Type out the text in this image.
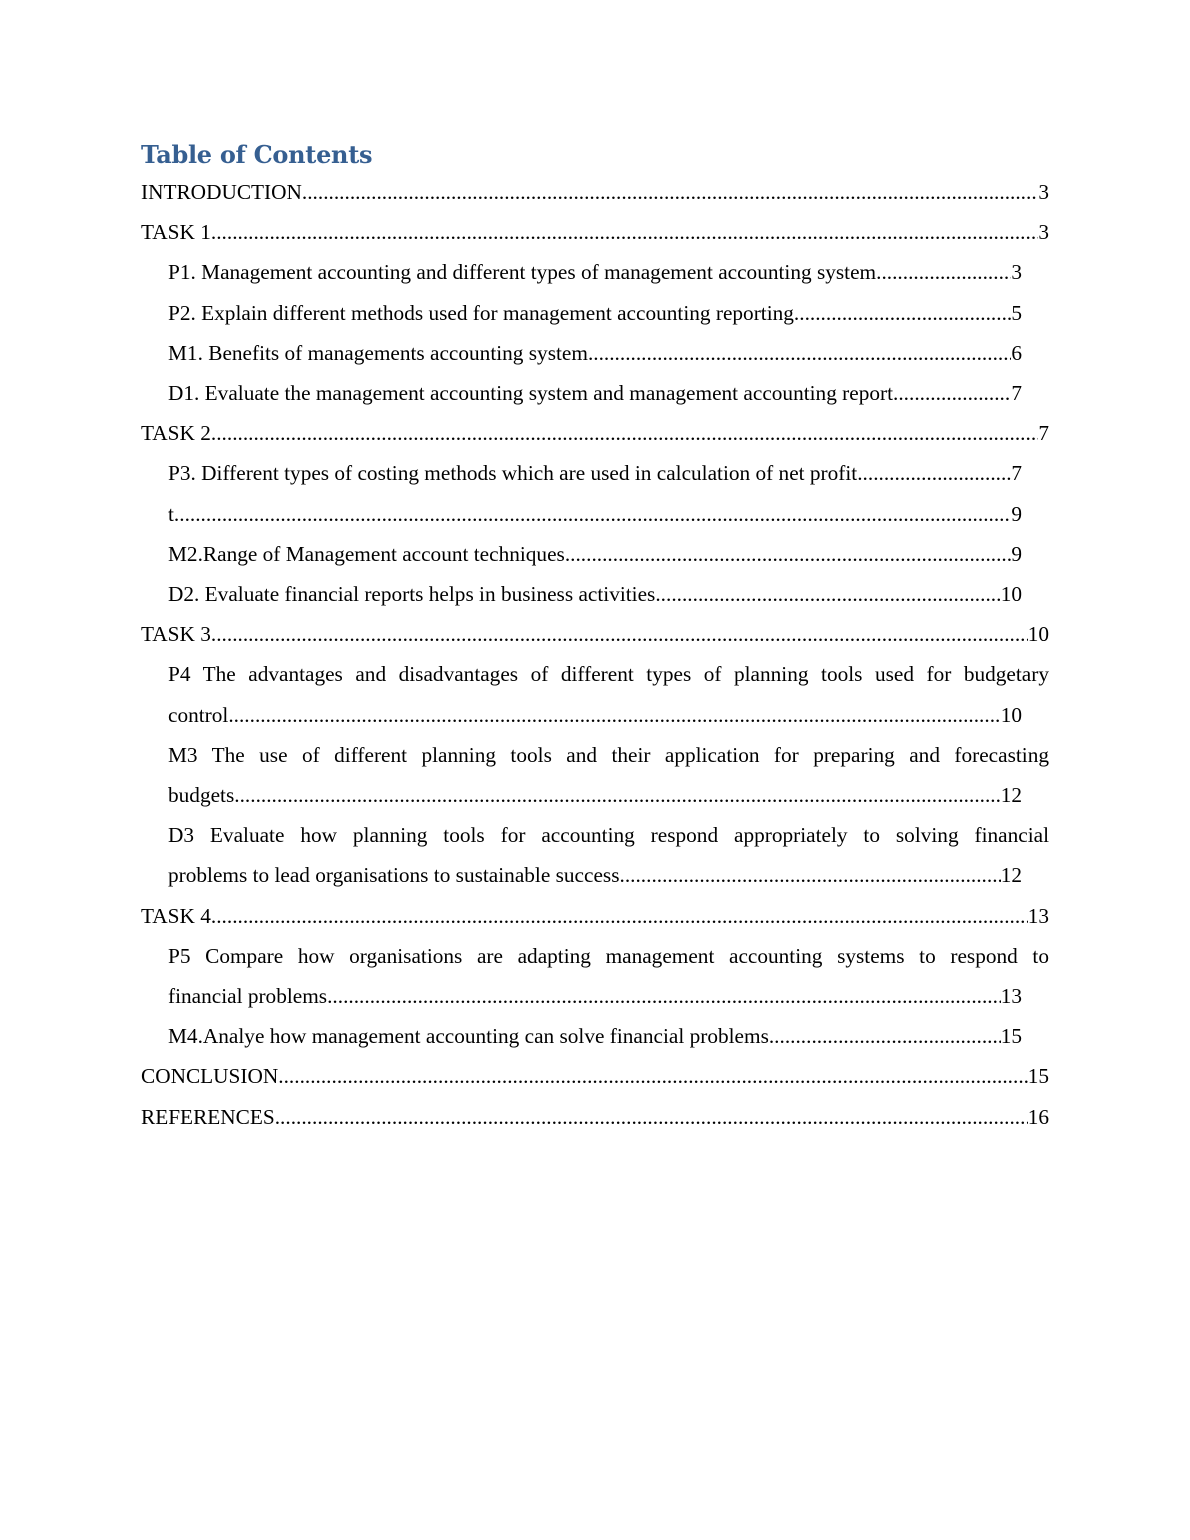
Table of Contents
INTRODUCTION .....	3
TASK 1 .....	3
P1. Management accounting and different types of management accounting system .....	3
P2. Explain different methods used for management accounting reporting .....	5
M1. Benefits of managements accounting system .....	6
D1. Evaluate the management accounting system and management accounting report .....	7
TASK 2 .....	7
P3. Different types of costing methods which are used in calculation of net profit .....	7
t .....	9
M2.Range of Management account techniques .....	9
D2. Evaluate financial reports helps in business activities .....	10
TASK 3 .....	10
P4 The advantages and disadvantages of different types of planning tools used for budgetary
control .....	10
M3 The use of different planning tools and their application for preparing and forecasting
budgets .....	12
D3 Evaluate how planning tools for accounting respond appropriately to solving financial
problems to lead organisations to sustainable success .....	12
TASK 4 .....	13
P5 Compare how organisations are adapting management accounting systems to respond to
financial problems .....	13
M4.Analye how management accounting can solve financial problems .....	15
CONCLUSION .....	15
REFERENCES .....	16
